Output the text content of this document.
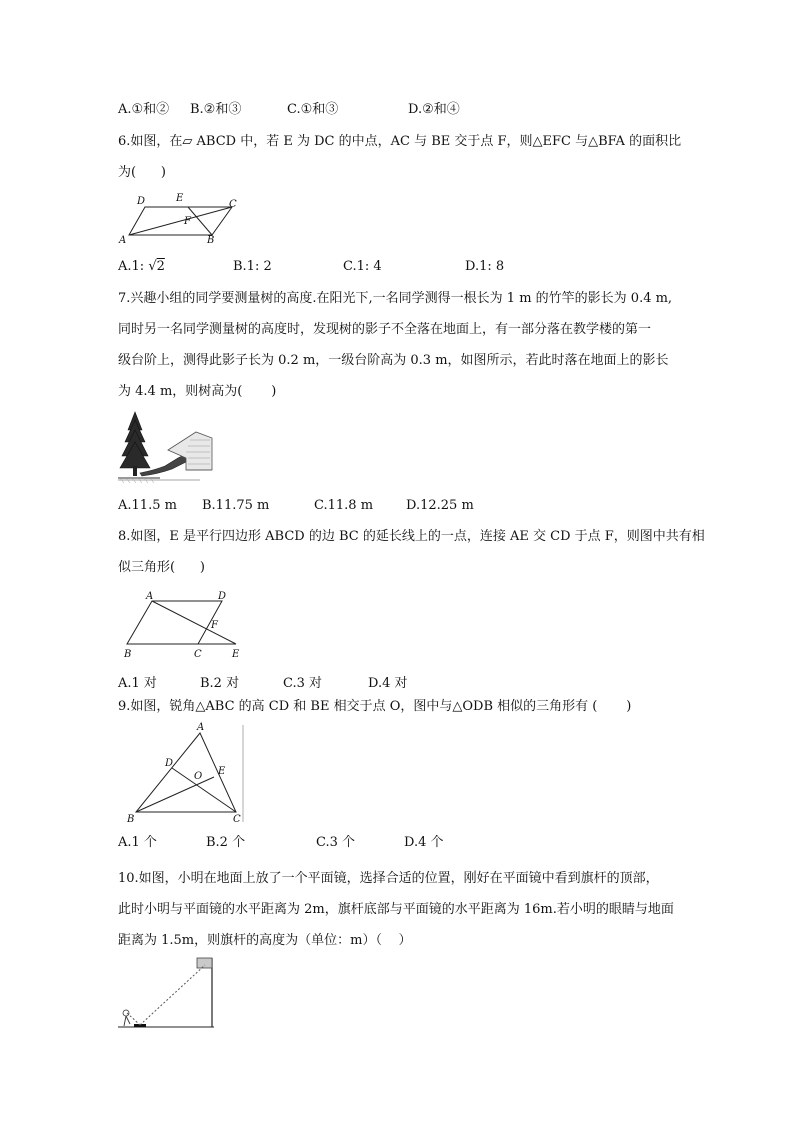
A.①和② B.②和③	C.①和③	D.②和④
6.如图，在▱ ABCD 中，若 E 为 DC 的中点，AC 与 BE 交于点 F，则△EFC 与△BFA 的面积比
为(      )
D	E
C
F
A	B
A.1: √2	B.1: 2	C.1: 4	D.1: 8
7.兴趣小组的同学要测量树的高度.在阳光下,一名同学测得一根长为 1 m 的竹竿的影长为 0.4 m,
同时另一名同学测量树的高度时，发现树的影子不全落在地面上，有一部分落在教学楼的第一
级台阶上，测得此影子长为 0.2 m，一级台阶高为 0.3 m，如图所示，若此时落在地面上的影长
为 4.4 m，则树高为(       )
A.11.5 m B.11.75 m	C.11.8 m	D.12.25 m
8.如图，E 是平行四边形 ABCD 的边 BC 的延长线上的一点，连接 AE 交 CD 于点 F，则图中共有相
似三角形(      )
A	D
F
B	C	E
A.1 对	B.2 对	C.3 对	D.4 对
9.如图，锐角△ABC 的高 CD 和 BE 相交于点 O，图中与△ODB 相似的三角形有 (       )
A
D
E
O
B	C
A.1 个	B.2 个	C.3 个	D.4 个
10.如图，小明在地面上放了一个平面镜，选择合适的位置，刚好在平面镜中看到旗杆的顶部，
此时小明与平面镜的水平距离为 2m，旗杆底部与平面镜的水平距离为 16m.若小明的眼睛与地面
距离为 1.5m，则旗杆的高度为（单位：m）（    ）
